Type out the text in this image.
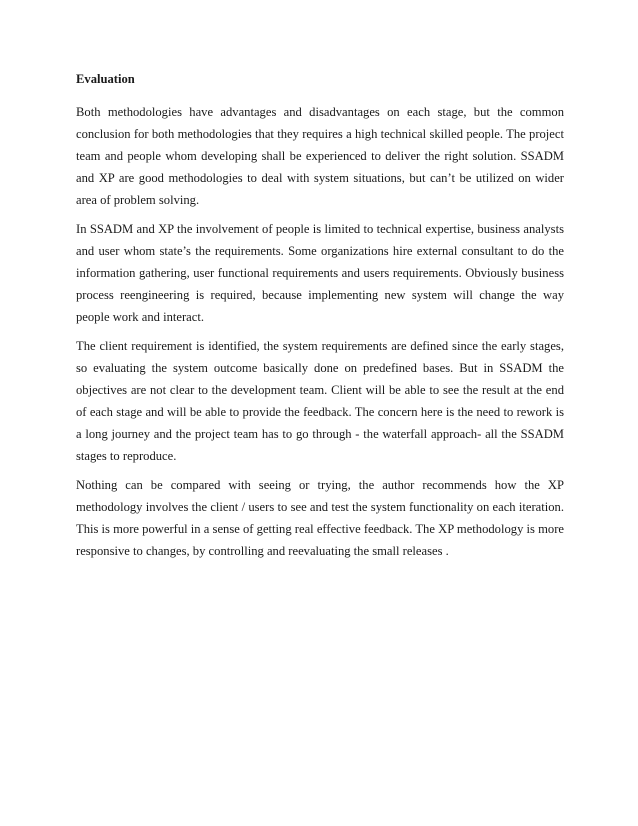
Evaluation

Both methodologies have advantages and disadvantages on each stage, but the common conclusion for both methodologies that they requires a high technical skilled people. The project team and people whom developing shall be experienced to deliver the right solution. SSADM and XP are good methodologies to deal with system situations, but can’t be utilized on wider area of problem solving.

In SSADM and XP the involvement of people is limited to technical expertise, business analysts and user whom state’s the requirements. Some organizations hire external consultant to do the information gathering, user functional requirements and users requirements. Obviously business process reengineering is required, because implementing new system will change the way people work and interact.

The client requirement is identified, the system requirements are defined since the early stages, so evaluating the system outcome basically done on predefined bases. But in SSADM the objectives are not clear to the development team. Client will be able to see the result at the end of each stage and will be able to provide the feedback. The concern here is the need to rework is a long journey and the project team has to go through - the waterfall approach- all the SSADM stages to reproduce.

Nothing can be compared with seeing or trying, the author recommends how the XP methodology involves the client / users to see and test the system functionality on each iteration. This is more powerful in a sense of getting real effective feedback. The XP methodology is more responsive to changes, by controlling and reevaluating the small releases .
